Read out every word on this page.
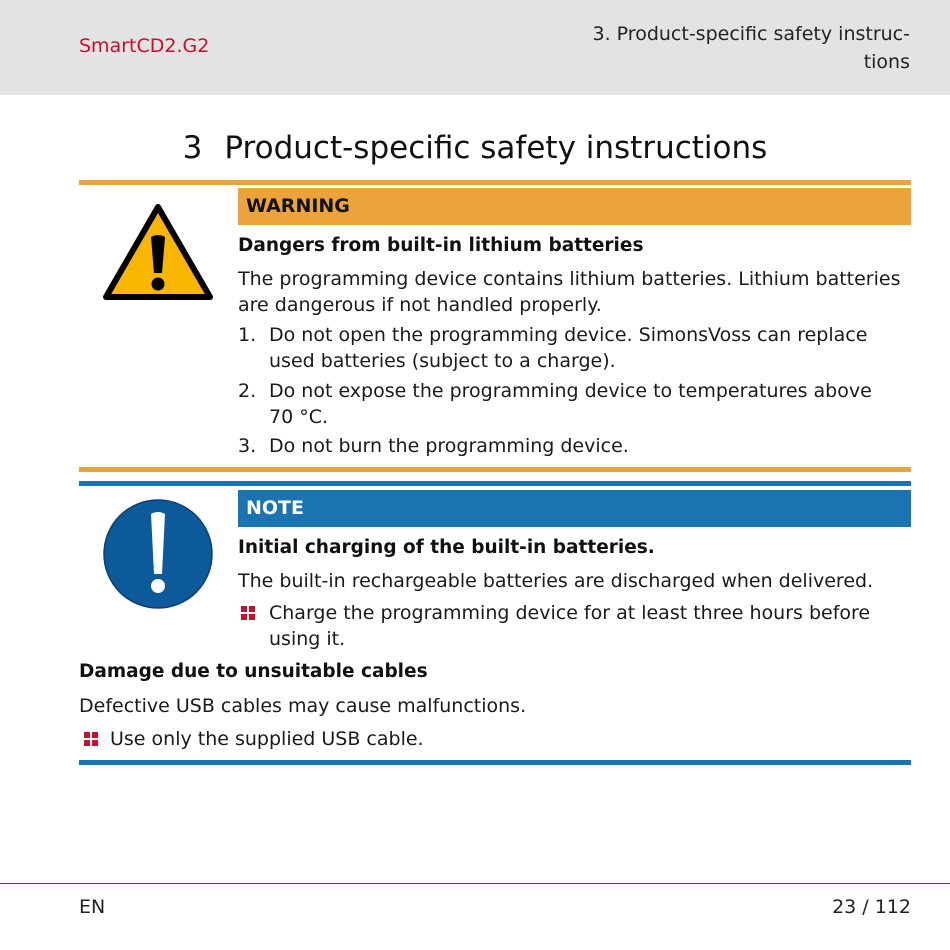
SmartCD2.G2
3. Product-specific safety instruc-tions
3 Product-specific safety instructions
WARNING
Dangers from built-in lithium batteries
The programming device contains lithium batteries. Lithium batteries are dangerous if not handled properly.
1. Do not open the programming device. SimonsVoss can replace used batteries (subject to a charge).
2. Do not expose the programming device to temperatures above 70 °C.
3. Do not burn the programming device.
NOTE
Initial charging of the built-in batteries.
The built-in rechargeable batteries are discharged when delivered.
Charge the programming device for at least three hours before using it.
Damage due to unsuitable cables
Defective USB cables may cause malfunctions.
Use only the supplied USB cable.
EN	23 / 112
